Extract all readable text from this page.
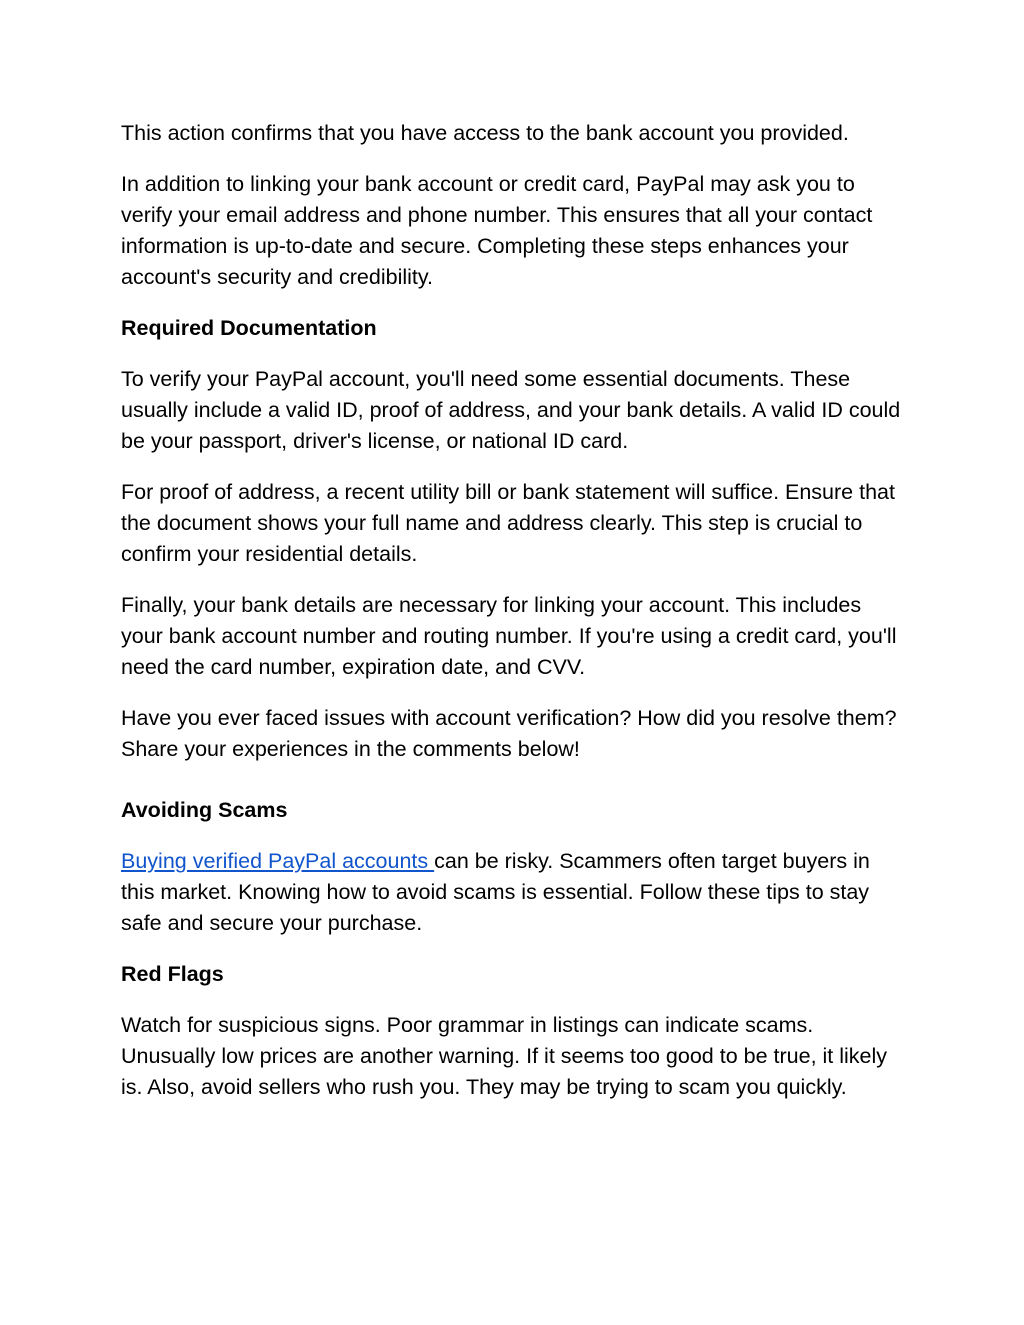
This action confirms that you have access to the bank account you provided.

In addition to linking your bank account or credit card, PayPal may ask you to verify your email address and phone number. This ensures that all your contact information is up-to-date and secure. Completing these steps enhances your account's security and credibility.

Required Documentation

To verify your PayPal account, you'll need some essential documents. These usually include a valid ID, proof of address, and your bank details. A valid ID could be your passport, driver's license, or national ID card.

For proof of address, a recent utility bill or bank statement will suffice. Ensure that the document shows your full name and address clearly. This step is crucial to confirm your residential details.

Finally, your bank details are necessary for linking your account. This includes your bank account number and routing number. If you're using a credit card, you'll need the card number, expiration date, and CVV.

Have you ever faced issues with account verification? How did you resolve them? Share your experiences in the comments below!

Avoiding Scams

Buying verified PayPal accounts can be risky. Scammers often target buyers in this market. Knowing how to avoid scams is essential. Follow these tips to stay safe and secure your purchase.

Red Flags

Watch for suspicious signs. Poor grammar in listings can indicate scams. Unusually low prices are another warning. If it seems too good to be true, it likely is. Also, avoid sellers who rush you. They may be trying to scam you quickly.
